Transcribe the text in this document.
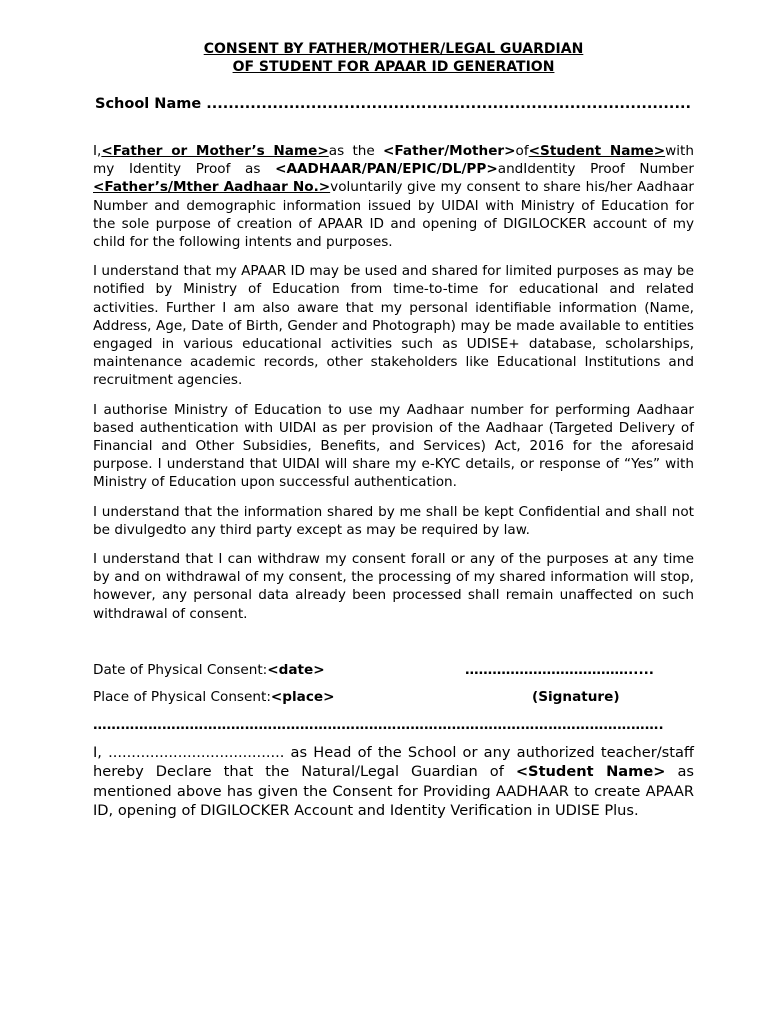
CONSENT BY FATHER/MOTHER/LEGAL GUARDIAN

OF STUDENT FOR APAAR ID GENERATION

School Name ........................................................................................

I,<Father or Mother’s Name>as the <Father/Mother>of<Student Name>with my Identity Proof as <AADHAAR/PAN/EPIC/DL/PP>andIdentity Proof Number <Father’s/Mther Aadhaar No.>voluntarily give my consent to share his/her Aadhaar Number and demographic information issued by UIDAI with Ministry of Education for the sole purpose of creation of APAAR ID and opening of DIGILOCKER account of my child for the following intents and purposes.

I understand that my APAAR ID may be used and shared for limited purposes as may be notified by Ministry of Education from time-to-time for educational and related activities. Further I am also aware that my personal identifiable information (Name, Address, Age, Date of Birth, Gender and Photograph) may be made available to entities engaged in various educational activities such as UDISE+ database, scholarships, maintenance academic records, other stakeholders like Educational Institutions and recruitment agencies.

I authorise Ministry of Education to use my Aadhaar number for performing Aadhaar based authentication with UIDAI as per provision of the Aadhaar (Targeted Delivery of Financial and Other Subsidies, Benefits, and Services) Act, 2016 for the aforesaid purpose. I understand that UIDAI will share my e-KYC details, or response of “Yes” with Ministry of Education upon successful authentication.

I understand that the information shared by me shall be kept Confidential and shall not be divulgedto any third party except as may be required by law.

I understand that I can withdraw my consent forall or any of the purposes at any time by and on withdrawal of my consent, the processing of my shared information will stop, however, any personal data already been processed shall remain unaffected on such withdrawal of consent.

Date of Physical Consent:<date>	……………………………….....
Place of Physical Consent:<place>	(Signature)
…………………………………………………………………………………………………………….

I, ...................................... as Head of the School or any authorized teacher/staff hereby Declare that the Natural/Legal Guardian of <Student Name> as mentioned above has given the Consent for Providing AADHAAR to create APAAR ID, opening of DIGILOCKER Account and Identity Verification in UDISE Plus.
